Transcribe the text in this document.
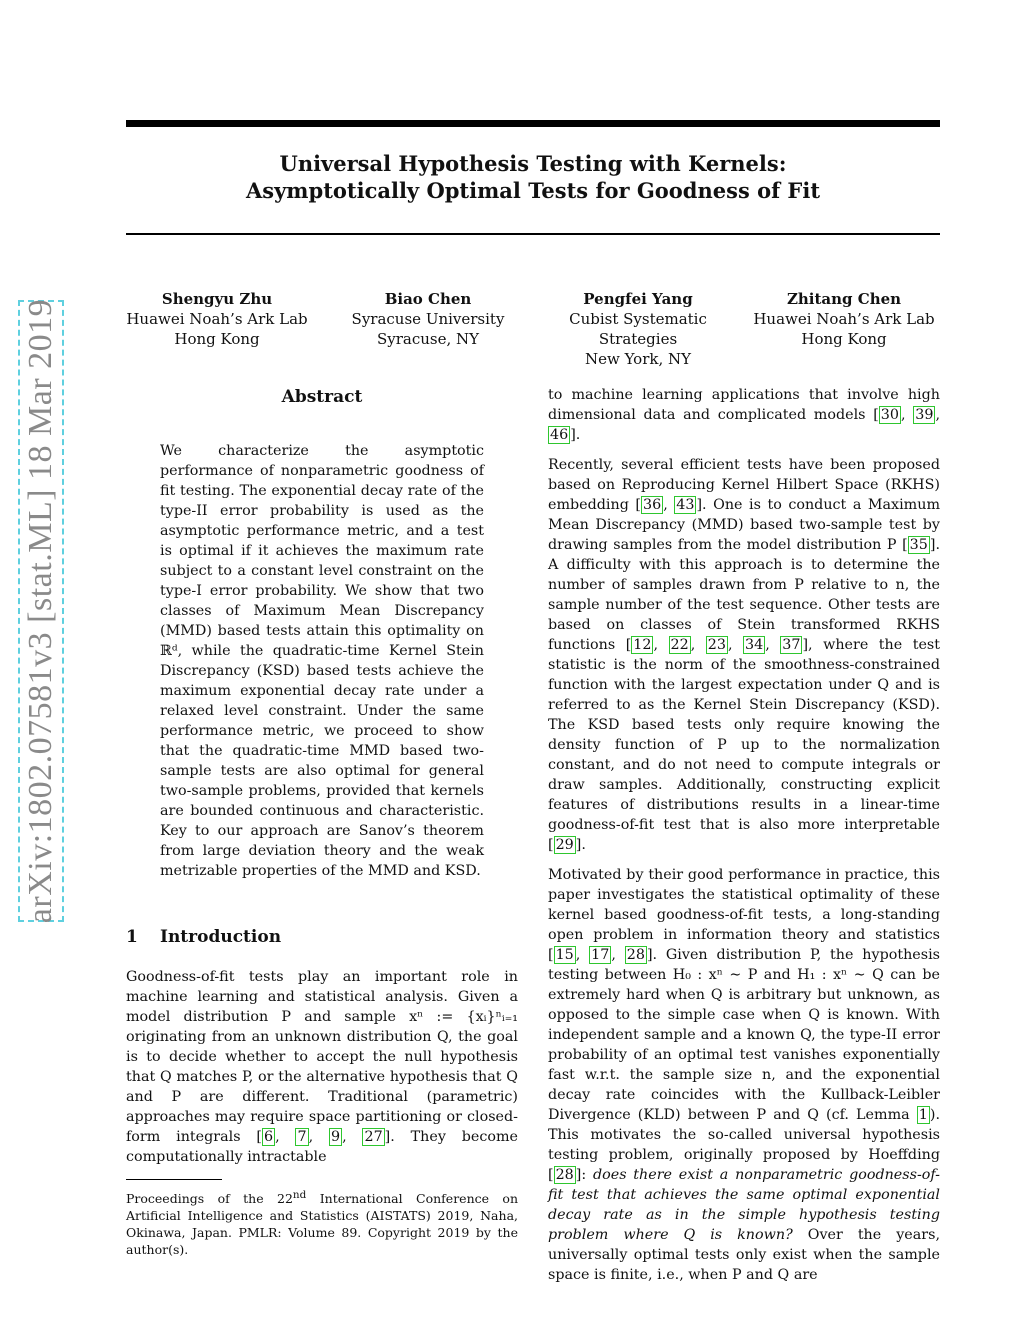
arXiv:1802.07581v3 [stat.ML] 18 Mar 2019
Universal Hypothesis Testing with Kernels:
Asymptotically Optimal Tests for Goodness of Fit
Shengyu Zhu
Huawei Noah’s Ark Lab
Hong Kong
Biao Chen
Syracuse University
Syracuse, NY
Pengfei Yang
Cubist Systematic Strategies
New York, NY
Zhitang Chen
Huawei Noah’s Ark Lab
Hong Kong
Abstract

We characterize the asymptotic performance of nonparametric goodness of fit testing. The exponential decay rate of the type-II error probability is used as the asymptotic performance metric, and a test is optimal if it achieves the maximum rate subject to a constant level constraint on the type-I error probability. We show that two classes of Maximum Mean Discrepancy (MMD) based tests attain this optimality on ℝᵈ, while the quadratic-time Kernel Stein Discrepancy (KSD) based tests achieve the maximum exponential decay rate under a relaxed level constraint. Under the same performance metric, we proceed to show that the quadratic-time MMD based two-sample tests are also optimal for general two-sample problems, provided that kernels are bounded continuous and characteristic. Key to our approach are Sanov’s theorem from large deviation theory and the weak metrizable properties of the MMD and KSD.

1 Introduction

Goodness-of-fit tests play an important role in machine learning and statistical analysis. Given a model distribution P and sample xⁿ := {xᵢ}ⁿᵢ₌₁ originating from an unknown distribution Q, the goal is to decide whether to accept the null hypothesis that Q matches P, or the alternative hypothesis that Q and P are different. Traditional (parametric) approaches may require space partitioning or closed-form integrals [ 6 , 7 , 9 , 27 ]. They become computationally intractable

Proceedings of the 22nd International Conference on Artificial Intelligence and Statistics (AISTATS) 2019, Naha, Okinawa, Japan. PMLR: Volume 89. Copyright 2019 by the author(s).

to machine learning applications that involve high dimensional data and complicated models [ 30 , 39 , 46 ].

Recently, several efficient tests have been proposed based on Reproducing Kernel Hilbert Space (RKHS) embedding [ 36 , 43 ]. One is to conduct a Maximum Mean Discrepancy (MMD) based two-sample test by drawing samples from the model distribution P [ 35 ]. A difficulty with this approach is to determine the number of samples drawn from P relative to n, the sample number of the test sequence. Other tests are based on classes of Stein transformed RKHS functions [ 12 , 22 , 23 , 34 , 37 ], where the test statistic is the norm of the smoothness-constrained function with the largest expectation under Q and is referred to as the Kernel Stein Discrepancy (KSD). The KSD based tests only require knowing the density function of P up to the normalization constant, and do not need to compute integrals or draw samples. Additionally, constructing explicit features of distributions results in a linear-time goodness-of-fit test that is also more interpretable [ 29 ].

Motivated by their good performance in practice, this paper investigates the statistical optimality of these kernel based goodness-of-fit tests, a long-standing open problem in information theory and statistics [ 15 , 17 , 28 ]. Given distribution P, the hypothesis testing between H₀ : xⁿ ∼ P and H₁ : xⁿ ∼ Q can be extremely hard when Q is arbitrary but unknown, as opposed to the simple case when Q is known. With independent sample and a known Q, the type-II error probability of an optimal test vanishes exponentially fast w.r.t. the sample size n, and the exponential decay rate coincides with the Kullback-Leibler Divergence (KLD) between P and Q (cf. Lemma 1 ). This motivates the so-called universal hypothesis testing problem, originally proposed by Hoeffding [ 28 ]: does there exist a nonparametric goodness-of-fit test that achieves the same optimal exponential decay rate as in the simple hypothesis testing problem where Q is known? Over the years, universally optimal tests only exist when the sample space is finite, i.e., when P and Q are
